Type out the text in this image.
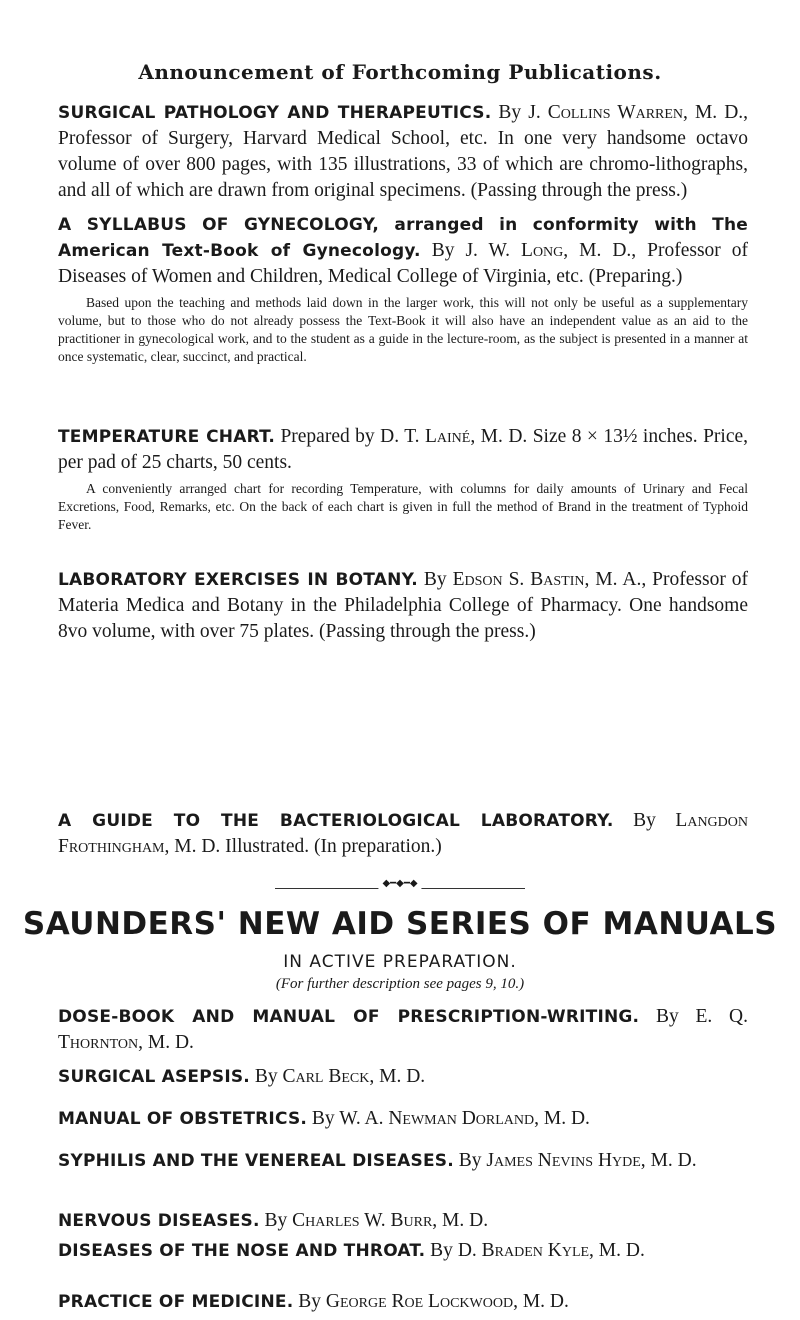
Announcement of Forthcoming Publications.

SURGICAL PATHOLOGY AND THERAPEUTICS. By J. Collins Warren, M. D., Professor of Surgery, Harvard Medical School, etc. In one very handsome octavo volume of over 800 pages, with 135 illustrations, 33 of which are chromo-lithographs, and all of which are drawn from original specimens. (Passing through the press.)

A SYLLABUS OF GYNECOLOGY, arranged in conformity with The American Text-Book of Gynecology. By J. W. Long, M. D., Professor of Diseases of Women and Children, Medical College of Virginia, etc. (Preparing.)

Based upon the teaching and methods laid down in the larger work, this will not only be useful as a supplementary volume, but to those who do not already possess the Text-Book it will also have an independent value as an aid to the practitioner in gynecological work, and to the student as a guide in the lecture-room, as the subject is presented in a manner at once systematic, clear, succinct, and practical.

TEMPERATURE CHART. Prepared by D. T. Lainé, M. D. Size 8 × 13½ inches. Price, per pad of 25 charts, 50 cents.

A conveniently arranged chart for recording Temperature, with columns for daily amounts of Urinary and Fecal Excretions, Food, Remarks, etc. On the back of each chart is given in full the method of Brand in the treatment of Typhoid Fever.

LABORATORY EXERCISES IN BOTANY. By Edson S. Bastin, M. A., Professor of Materia Medica and Botany in the Philadelphia College of Pharmacy. One handsome 8vo volume, with over 75 plates. (Passing through the press.)

A GUIDE TO THE BACTERIOLOGICAL LABORATORY. By Langdon Frothingham, M. D. Illustrated. (In preparation.)

◆━◆━◆
SAUNDERS' NEW AID SERIES OF MANUALS
IN ACTIVE PREPARATION.
(For further description see pages 9, 10.)

DOSE-BOOK AND MANUAL OF PRESCRIPTION-WRITING. By E. Q. Thornton, M. D.

SURGICAL ASEPSIS. By Carl Beck, M. D.

MANUAL OF OBSTETRICS. By W. A. Newman Dorland, M. D.

SYPHILIS AND THE VENEREAL DISEASES. By James Nevins Hyde, M. D.

NERVOUS DISEASES. By Charles W. Burr, M. D.

DISEASES OF THE NOSE AND THROAT. By D. Braden Kyle, M. D.

PRACTICE OF MEDICINE. By George Roe Lockwood, M. D.
